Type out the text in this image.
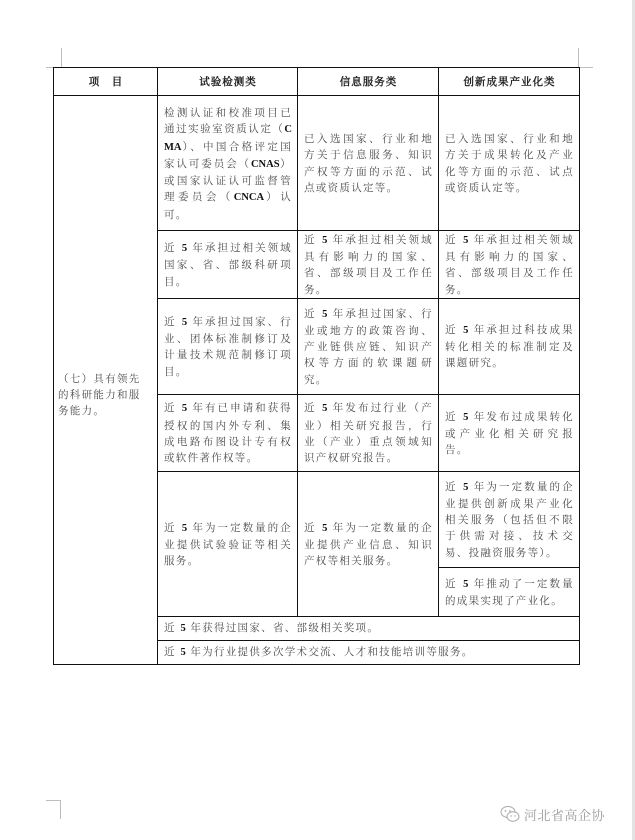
项　目	试验检测类	信息服务类	创新成果产业化类
（七）具有领先的科研能力和服务能力。	检测认证和校准项目已通过实验室资质认定（CMA）、中国合格评定国家认可委员会（CNAS）或国家认证认可监督管理委员会（CNCA）认可。	已入选国家、行业和地方关于信息服务、知识产权等方面的示范、试点或资质认定等。	已入选国家、行业和地方关于成果转化及产业化等方面的示范、试点或资质认定等。
	近 5 年承担过相关领域国家、省、部级科研项目。	近 5 年承担过相关领域具有影响力的国家、省、部级项目及工作任务。	近 5 年承担过相关领域具有影响力的国家、省、部级项目及工作任务。
	近 5 年承担过国家、行业、团体标准制修订及计量技术规范制修订项目。	近 5 年承担过国家、行业或地方的政策咨询、产业链供应链、知识产权等方面的软课题研究。	近 5 年承担过科技成果转化相关的标准制定及课题研究。
	近 5 年有已申请和获得授权的国内外专利、集成电路布图设计专有权或软件著作权等。	近 5 年发布过行业（产业）相关研究报告，行业（产业）重点领域知识产权研究报告。	近 5 年发布过成果转化或产业化相关研究报告。
	近 5 年为一定数量的企业提供试验验证等相关服务。	近 5 年为一定数量的企业提供产业信息、知识产权等相关服务。	近 5 年为一定数量的企业提供创新成果产业化相关服务（包括但不限于供需对接、技术交易、投融资服务等）。
			近 5 年推动了一定数量的成果实现了产业化。
	近 5 年获得过国家、省、部级相关奖项。		
	近 5 年为行业提供多次学术交流、人才和技能培训等服务。		
河北省高企协
